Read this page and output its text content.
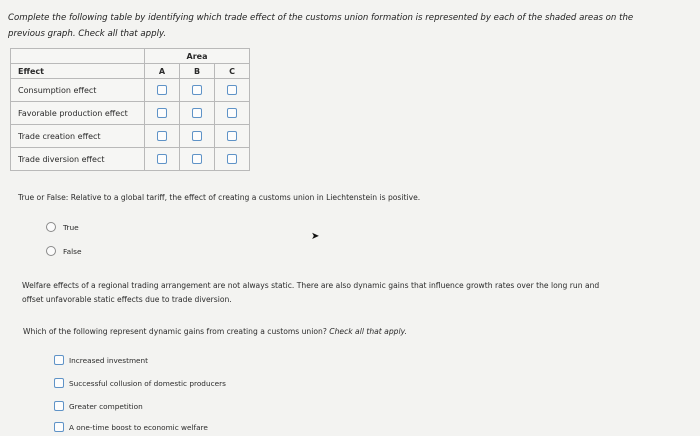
Complete the following table by identifying which trade effect of the customs union formation is represented by each of the shaded areas on the
previous graph. Check all that apply.
	Area		
Effect	A	B	C
Consumption effect			
Favorable production effect			
Trade creation effect			
Trade diversion effect			
True or False: Relative to a global tariff, the effect of creating a customs union in Liechtenstein is positive.
True
False
➤
Welfare effects of a regional trading arrangement are not always static. There are also dynamic gains that influence growth rates over the long run and
offset unfavorable static effects due to trade diversion.
Which of the following represent dynamic gains from creating a customs union? Check all that apply.
Increased investment
Successful collusion of domestic producers
Greater competition
A one-time boost to economic welfare
